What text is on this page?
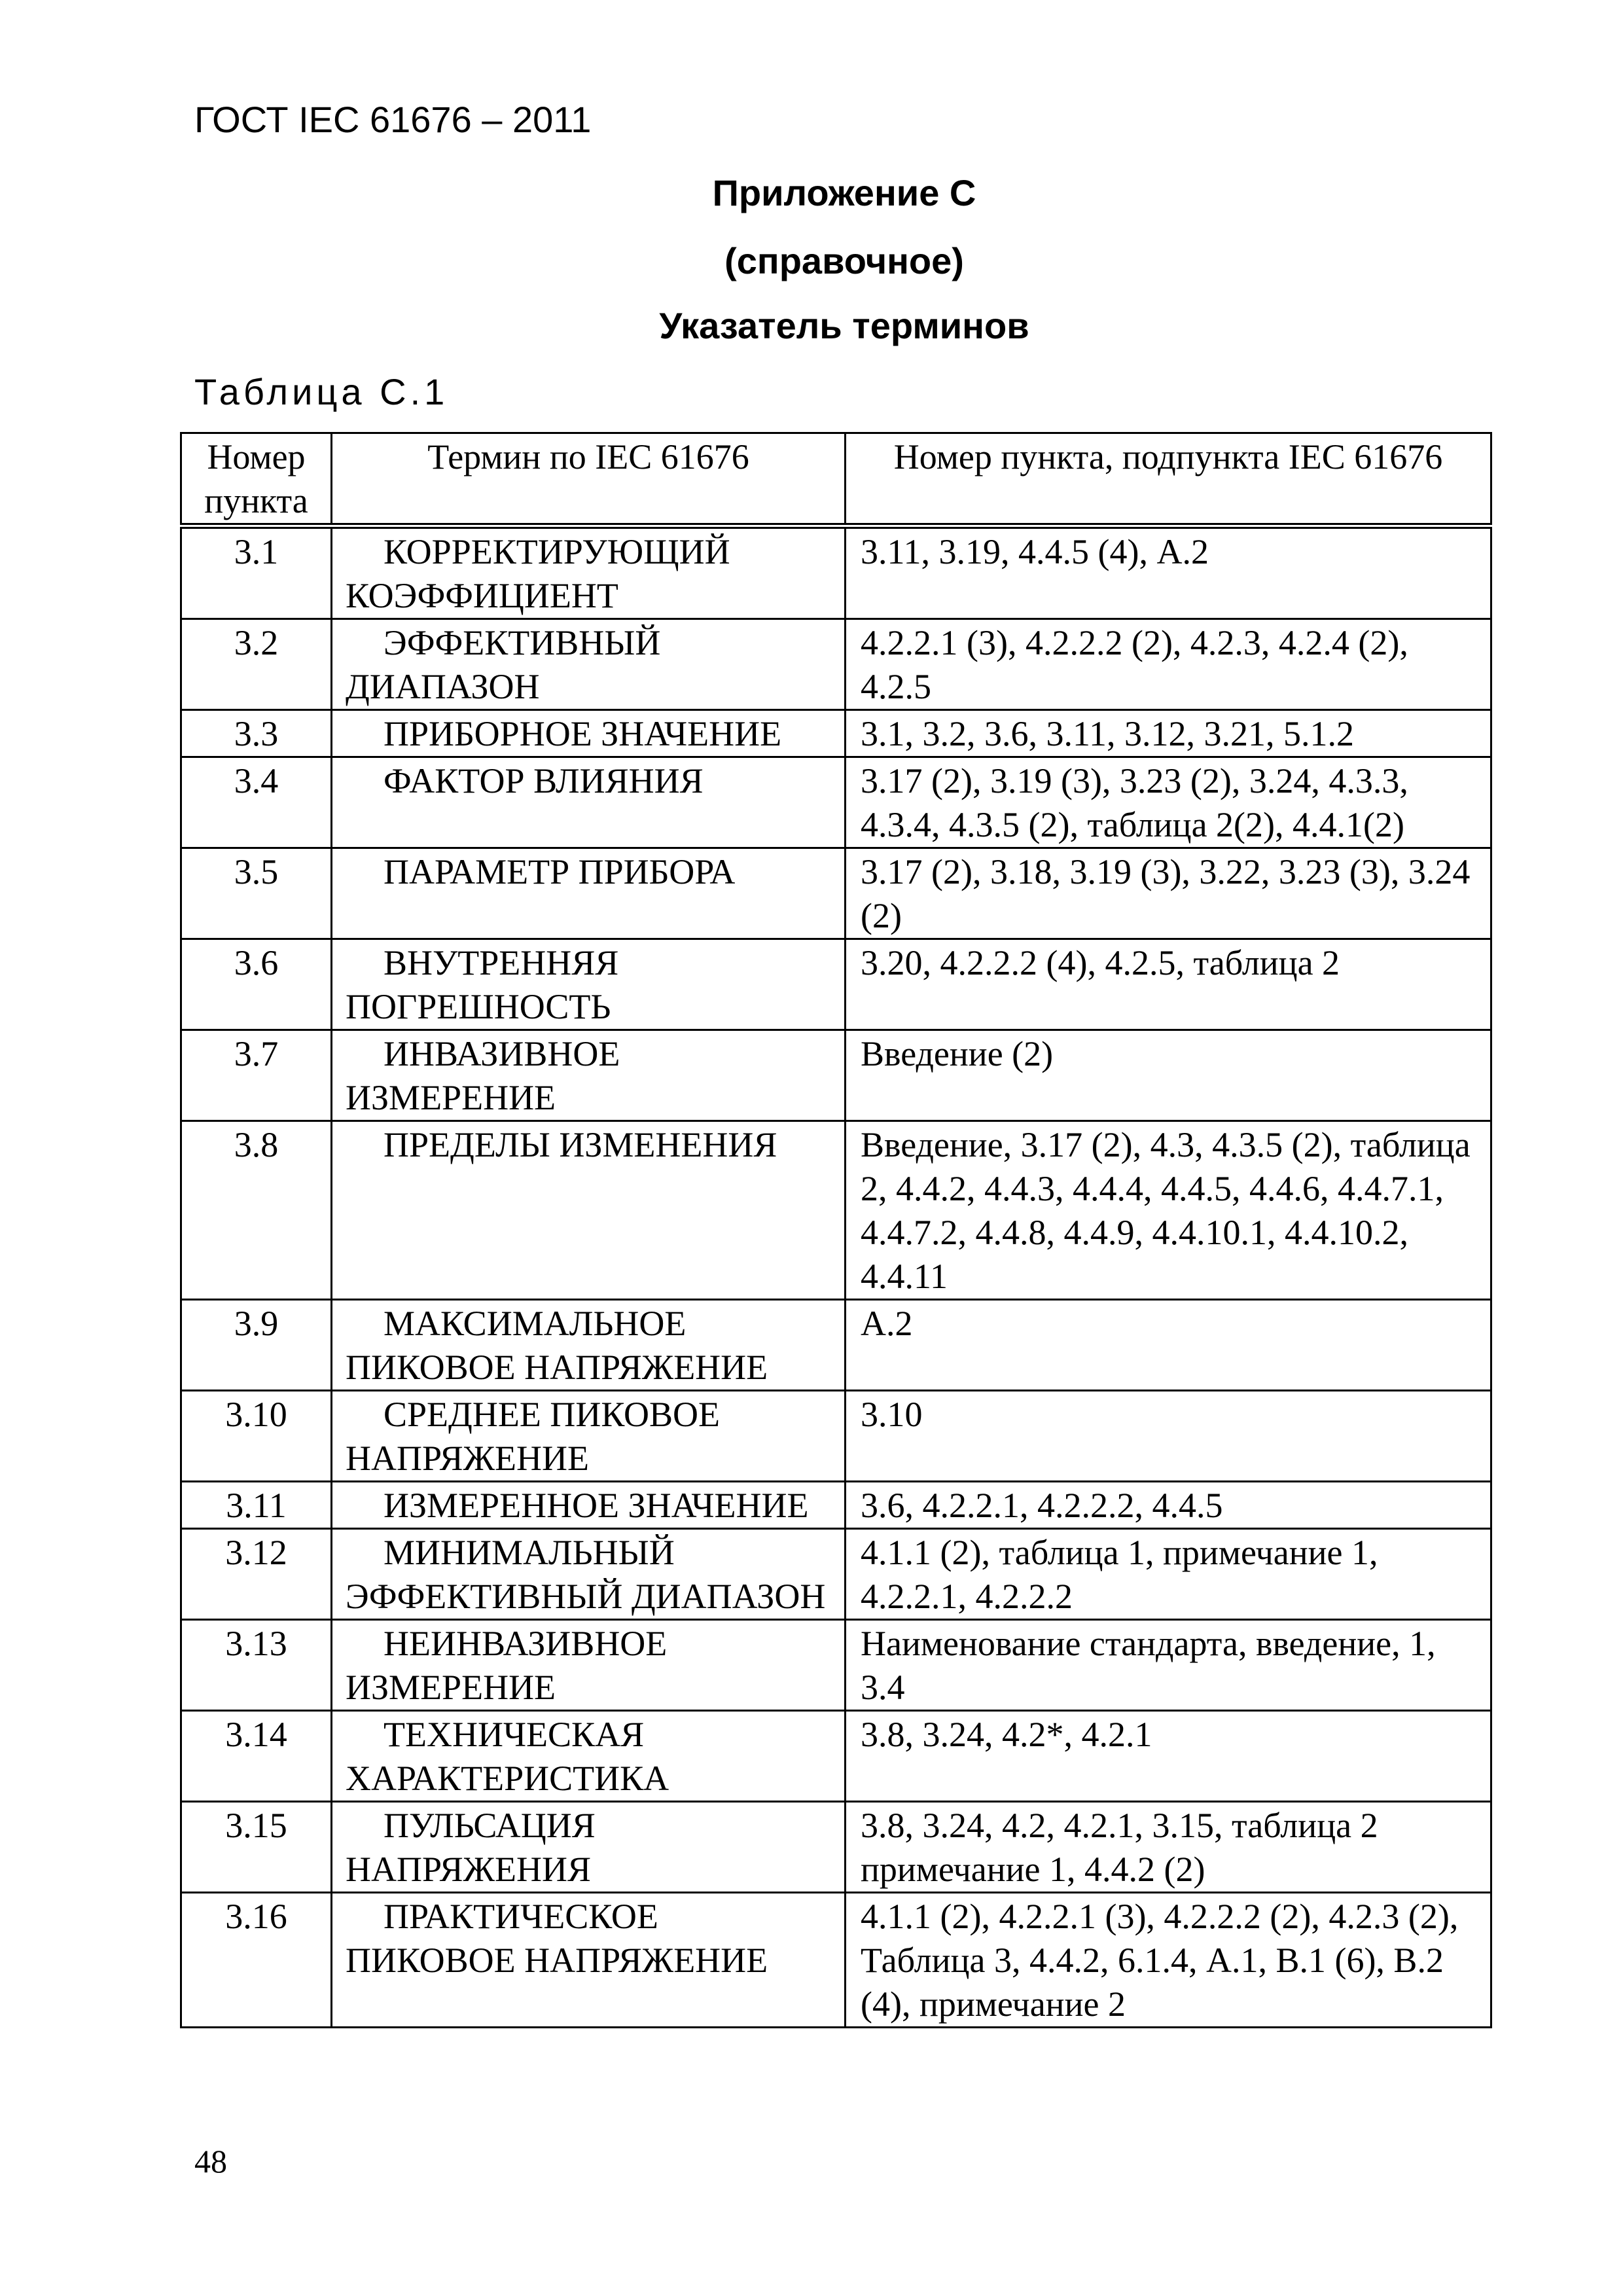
ГОСТ IEC 61676 – 2011
Приложение С
(справочное)
Указатель терминов
Таблица С.1
Номер пункта	Термин по IEC 61676	Номер пункта, подпункта IEC 61676
3.1	КОРРЕКТИРУЮЩИЙ КОЭФФИЦИЕНТ	3.11, 3.19, 4.4.5 (4), А.2
3.2	ЭФФЕКТИВНЫЙ ДИАПАЗОН	4.2.2.1 (3), 4.2.2.2 (2), 4.2.3, 4.2.4 (2), 4.2.5
3.3	ПРИБОРНОЕ ЗНАЧЕНИЕ	3.1, 3.2, 3.6, 3.11, 3.12, 3.21, 5.1.2
3.4	ФАКТОР ВЛИЯНИЯ	3.17 (2), 3.19 (3), 3.23 (2), 3.24, 4.3.3, 4.3.4, 4.3.5 (2), таблица 2(2), 4.4.1(2)
3.5	ПАРАМЕТР ПРИБОРА	3.17 (2), 3.18, 3.19 (3), 3.22, 3.23 (3), 3.24 (2)
3.6	ВНУТРЕННЯЯ ПОГРЕШНОСТЬ	3.20, 4.2.2.2 (4), 4.2.5, таблица 2
3.7	ИНВАЗИВНОЕ ИЗМЕРЕНИЕ	Введение (2)
3.8	ПРЕДЕЛЫ ИЗМЕНЕНИЯ	Введение, 3.17 (2), 4.3, 4.3.5 (2), таблица 2, 4.4.2, 4.4.3, 4.4.4, 4.4.5, 4.4.6, 4.4.7.1, 4.4.7.2, 4.4.8, 4.4.9, 4.4.10.1, 4.4.10.2, 4.4.11
3.9	МАКСИМАЛЬНОЕ ПИКОВОЕ НАПРЯЖЕНИЕ	А.2
3.10	СРЕДНЕЕ ПИКОВОЕ НАПРЯЖЕНИЕ	3.10
3.11	ИЗМЕРЕННОЕ ЗНАЧЕНИЕ	3.6, 4.2.2.1, 4.2.2.2, 4.4.5
3.12	МИНИМАЛЬНЫЙ ЭФФЕКТИВНЫЙ ДИАПАЗОН	4.1.1 (2), таблица 1, примечание 1, 4.2.2.1, 4.2.2.2
3.13	НЕИНВАЗИВНОЕ ИЗМЕРЕНИЕ	Наименование стандарта, введение, 1, 3.4
3.14	ТЕХНИЧЕСКАЯ ХАРАКТЕРИСТИКА	3.8, 3.24, 4.2*, 4.2.1
3.15	ПУЛЬСАЦИЯ НАПРЯЖЕНИЯ	3.8, 3.24, 4.2, 4.2.1, 3.15, таблица 2 примечание 1, 4.4.2 (2)
3.16	ПРАКТИЧЕСКОЕ ПИКОВОЕ НАПРЯЖЕНИЕ	4.1.1 (2), 4.2.2.1 (3), 4.2.2.2 (2), 4.2.3 (2), Таблица 3, 4.4.2, 6.1.4, А.1, В.1 (6), В.2 (4), примечание 2
48
